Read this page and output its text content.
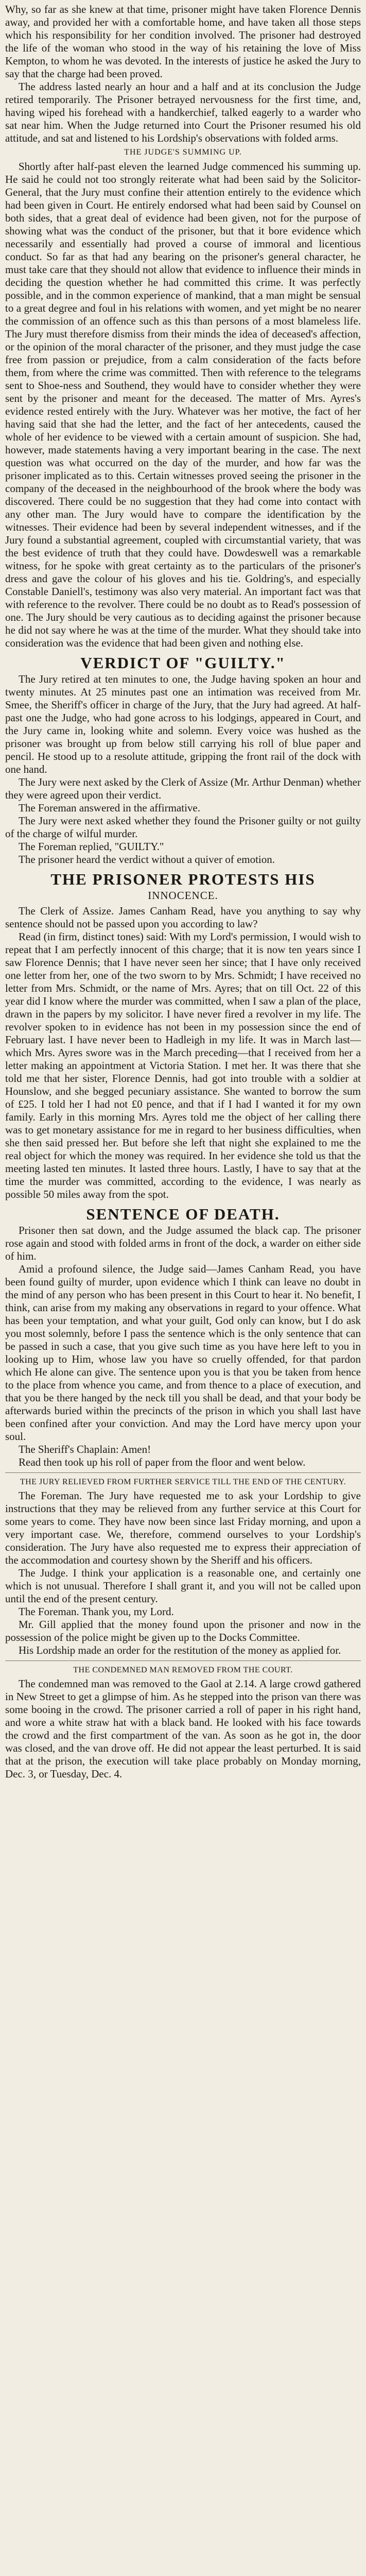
Why, so far as she knew at that time, prisoner might have taken Florence Dennis away, and provided her with a comfortable home, and have taken all those steps which his responsibility for her condition involved. The prisoner had destroyed the life of the woman who stood in the way of his retaining the love of Miss Kempton, to whom he was devoted. In the interests of justice he asked the Jury to say that the charge had been proved.

The address lasted nearly an hour and a half and at its conclusion the Judge retired temporarily. The Prisoner betrayed nervousness for the first time, and, having wiped his forehead with a handkerchief, talked eagerly to a warder who sat near him. When the Judge returned into Court the Prisoner resumed his old attitude, and sat and listened to his Lordship's observations with folded arms.

THE JUDGE'S SUMMING UP.

Shortly after half-past eleven the learned Judge commenced his summing up. He said he could not too strongly reiterate what had been said by the Solicitor-General, that the Jury must confine their attention entirely to the evidence which had been given in Court. He entirely endorsed what had been said by Counsel on both sides, that a great deal of evidence had been given, not for the purpose of showing what was the conduct of the prisoner, but that it bore evidence which necessarily and essentially had proved a course of immoral and licentious conduct. So far as that had any bearing on the prisoner's general character, he must take care that they should not allow that evidence to influence their minds in deciding the question whether he had committed this crime. It was perfectly possible, and in the common experience of mankind, that a man might be sensual to a great degree and foul in his relations with women, and yet might be no nearer the commission of an offence such as this than persons of a most blameless life. The Jury must therefore dismiss from their minds the idea of deceased's affection, or the opinion of the moral character of the prisoner, and they must judge the case free from passion or prejudice, from a calm consideration of the facts before them, from where the crime was committed. Then with reference to the telegrams sent to Shoe-ness and Southend, they would have to consider whether they were sent by the prisoner and meant for the deceased. The matter of Mrs. Ayres's evidence rested entirely with the Jury. Whatever was her motive, the fact of her having said that she had the letter, and the fact of her antecedents, caused the whole of her evidence to be viewed with a certain amount of suspicion. She had, however, made statements having a very important bearing in the case. The next question was what occurred on the day of the murder, and how far was the prisoner implicated as to this. Certain witnesses proved seeing the prisoner in the company of the deceased in the neighbourhood of the brook where the body was discovered. There could be no suggestion that they had come into contact with any other man. The Jury would have to compare the identification by the witnesses. Their evidence had been by several independent witnesses, and if the Jury found a substantial agreement, coupled with circumstantial variety, that was the best evidence of truth that they could have. Dowdeswell was a remarkable witness, for he spoke with great certainty as to the particulars of the prisoner's dress and gave the colour of his gloves and his tie. Goldring's, and especially Constable Daniell's, testimony was also very material. An important fact was that with reference to the revolver. There could be no doubt as to Read's possession of one. The Jury should be very cautious as to deciding against the prisoner because he did not say where he was at the time of the murder. What they should take into consideration was the evidence that had been given and nothing else.

VERDICT OF "GUILTY."

The Jury retired at ten minutes to one, the Judge having spoken an hour and twenty minutes. At 25 minutes past one an intimation was received from Mr. Smee, the Sheriff's officer in charge of the Jury, that the Jury had agreed. At half-past one the Judge, who had gone across to his lodgings, appeared in Court, and the Jury came in, looking white and solemn. Every voice was hushed as the prisoner was brought up from below still carrying his roll of blue paper and pencil. He stood up to a resolute attitude, gripping the front rail of the dock with one hand.

The Jury were next asked by the Clerk of Assize (Mr. Arthur Denman) whether they were agreed upon their verdict.

The Foreman answered in the affirmative.

The Jury were next asked whether they found the Prisoner guilty or not guilty of the charge of wilful murder.

The Foreman replied, "GUILTY."

The prisoner heard the verdict without a quiver of emotion.

THE PRISONER PROTESTS HIS
INNOCENCE.

The Clerk of Assize. James Canham Read, have you anything to say why sentence should not be passed upon you according to law?

Read (in firm, distinct tones) said: With my Lord's permission, I would wish to repeat that I am perfectly innocent of this charge; that it is now ten years since I saw Florence Dennis; that I have never seen her since; that I have only received one letter from her, one of the two sworn to by Mrs. Schmidt; I have received no letter from Mrs. Schmidt, or the name of Mrs. Ayres; that on till Oct. 22 of this year did I know where the murder was committed, when I saw a plan of the place, drawn in the papers by my solicitor. I have never fired a revolver in my life. The revolver spoken to in evidence has not been in my possession since the end of February last. I have never been to Hadleigh in my life. It was in March last—which Mrs. Ayres swore was in the March preceding—that I received from her a letter making an appointment at Victoria Station. I met her. It was there that she told me that her sister, Florence Dennis, had got into trouble with a soldier at Hounslow, and she begged pecuniary assistance. She wanted to borrow the sum of £25. I told her I had not £0 pence, and that if I had I wanted it for my own family. Early in this morning Mrs. Ayres told me the object of her calling there was to get monetary assistance for me in regard to her business difficulties, when she then said pressed her. But before she left that night she explained to me the real object for which the money was required. In her evidence she told us that the meeting lasted ten minutes. It lasted three hours. Lastly, I have to say that at the time the murder was committed, according to the evidence, I was nearly as possible 50 miles away from the spot.

SENTENCE OF DEATH.

Prisoner then sat down, and the Judge assumed the black cap. The prisoner rose again and stood with folded arms in front of the dock, a warder on either side of him.

Amid a profound silence, the Judge said—James Canham Read, you have been found guilty of murder, upon evidence which I think can leave no doubt in the mind of any person who has been present in this Court to hear it. No benefit, I think, can arise from my making any observations in regard to your offence. What has been your temptation, and what your guilt, God only can know, but I do ask you most solemnly, before I pass the sentence which is the only sentence that can be passed in such a case, that you give such time as you have here left to you in looking up to Him, whose law you have so cruelly offended, for that pardon which He alone can give. The sentence upon you is that you be taken from hence to the place from whence you came, and from thence to a place of execution, and that you be there hanged by the neck till you shall be dead, and that your body be afterwards buried within the precincts of the prison in which you shall last have been confined after your conviction. And may the Lord have mercy upon your soul.

The Sheriff's Chaplain: Amen!

Read then took up his roll of paper from the floor and went below.

THE JURY RELIEVED FROM FURTHER SERVICE TILL THE END OF THE CENTURY.

The Foreman. The Jury have requested me to ask your Lordship to give instructions that they may be relieved from any further service at this Court for some years to come. They have now been since last Friday morning, and upon a very important case. We, therefore, commend ourselves to your Lordship's consideration. The Jury have also requested me to express their appreciation of the accommodation and courtesy shown by the Sheriff and his officers.

The Judge. I think your application is a reasonable one, and certainly one which is not unusual. Therefore I shall grant it, and you will not be called upon until the end of the present century.

The Foreman. Thank you, my Lord.

Mr. Gill applied that the money found upon the prisoner and now in the possession of the police might be given up to the Docks Committee.

His Lordship made an order for the restitution of the money as applied for.

THE CONDEMNED MAN REMOVED FROM THE COURT.

The condemned man was removed to the Gaol at 2.14. A large crowd gathered in New Street to get a glimpse of him. As he stepped into the prison van there was some booing in the crowd. The prisoner carried a roll of paper in his right hand, and wore a white straw hat with a black band. He looked with his face towards the crowd and the first compartment of the van. As soon as he got in, the door was closed, and the van drove off. He did not appear the least perturbed. It is said that at the prison, the execution will take place probably on Monday morning, Dec. 3, or Tuesday, Dec. 4.
